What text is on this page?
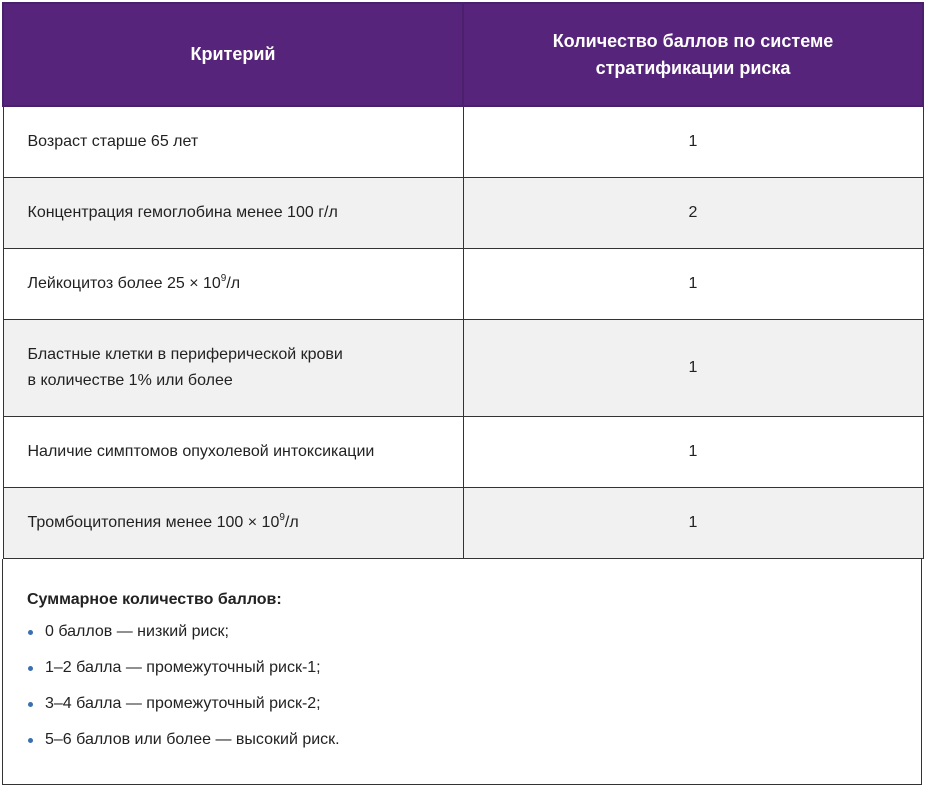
Критерий	Количество баллов по системе стратификации риска
Возраст старше 65 лет	1
Концентрация гемоглобина менее 100 г/л	2
Лейкоцитоз более $25 \times 10^9/л$	1
Бластные клетки в периферической крови
в количестве 1% или более	1
Наличие симптомов опухолевой интоксикации	1
Тромбоцитопения менее $100 \times 10^9/л$	1

Суммарное количество баллов:

0 баллов — низкий риск;
1–2 балла — промежуточный риск-1;
3–4 балла — промежуточный риск-2;
5–6 баллов или более — высокий риск.
